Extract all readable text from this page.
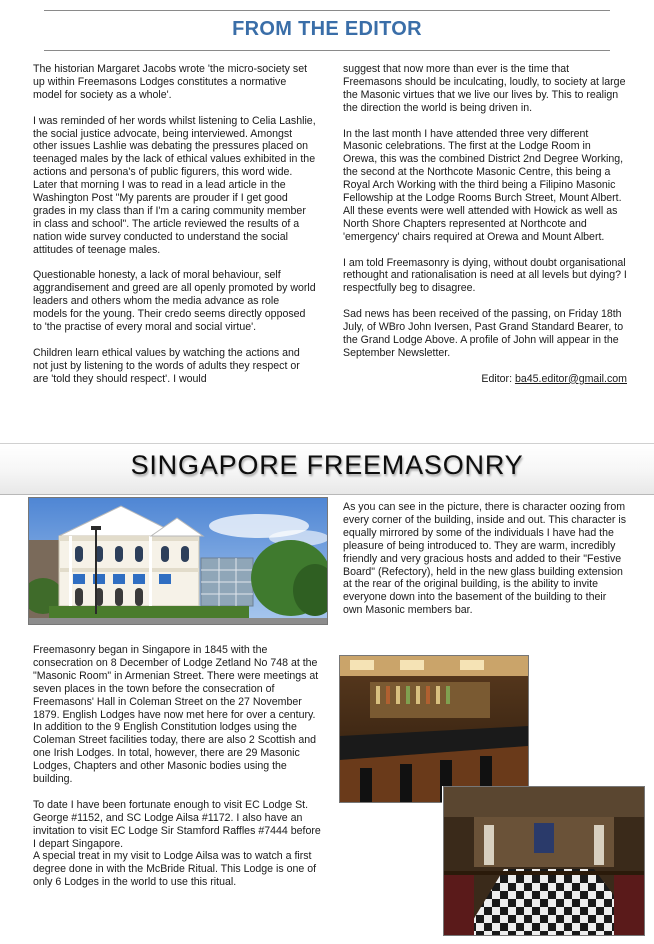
FROM THE EDITOR

The historian Margaret Jacobs wrote 'the micro-society set up within Freemasons Lodges constitutes a normative model for society as a whole'.

I was reminded of her words whilst listening to Celia Lashlie, the social justice advocate, being interviewed. Amongst other issues Lashlie was debating the pressures placed on teenaged males by the lack of ethical values exhibited in the actions and persona's of public figurers, this word wide. Later that morning I was to read in a lead article in the Washington Post "My parents are prouder if I get good grades in my class than if I'm a caring community member in class and school". The article reviewed the results of a nation wide survey conducted to understand the social attitudes of teenage males.

Questionable honesty, a lack of moral behaviour, self aggrandisement and greed are all openly promoted by world leaders and others whom the media advance as role models for the young. Their credo seems directly opposed to 'the practise of every moral and social virtue'.

Children learn ethical values by watching the actions and not just by listening to the words of adults they respect or are 'told they should respect'. I would

suggest that now more than ever is the time that Freemasons should be inculcating, loudly, to society at large the Masonic virtues that we live our lives by. This to realign the direction the world is being driven in.

In the last month I have attended three very different Masonic celebrations. The first at the Lodge Room in Orewa, this was the combined District 2nd Degree Working, the second at the Northcote Masonic Centre, this being a Royal Arch Working with the third being a Filipino Masonic Fellowship at the Lodge Rooms Burch Street, Mount Albert. All these events were well attended with Howick as well as North Shore Chapters represented at Northcote and 'emergency' chairs required at Orewa and Mount Albert.

I am told Freemasonry is dying, without doubt organisational rethought and rationalisation is need at all levels but dying? I respectfully beg to disagree.

Sad news has been received of the passing, on Friday 18th July, of WBro John Iversen, Past Grand Standard Bearer, to the Grand Lodge Above. A profile of John will appear in the September Newsletter.

Editor: ba45.editor@gmail.com

SINGAPORE FREEMASONRY

As you can see in the picture, there is character oozing from every corner of the building, inside and out. This character is equally mirrored by some of the individuals I have had the pleasure of being introduced to. They are warm, incredibly friendly and very gracious hosts and added to their "Festive Board" (Refectory), held in the new glass building extension at the rear of the original building, is the ability to invite everyone down into the basement of the building to their own Masonic members bar.

Freemasonry began in Singapore in 1845 with the consecration on 8 December of Lodge Zetland No 748 at the "Masonic Room" in Armenian Street. There were meetings at seven places in the town before the consecration of Freemasons' Hall in Coleman Street on the 27 November 1879. English Lodges have now met here for over a century. In addition to the 9 English Constitution lodges using the Coleman Street facilities today, there are also 2 Scottish and one Irish Lodges. In total, however, there are 29 Masonic Lodges, Chapters and other Masonic bodies using the building.

To date I have been fortunate enough to visit EC Lodge St. George #1152, and SC Lodge Ailsa #1172. I also have an invitation to visit EC Lodge Sir Stamford Raffles #7444 before I depart Singapore.

A special treat in my visit to Lodge Ailsa was to watch a first degree done in with the McBride Ritual. This Lodge is one of only 6 Lodges in the world to use this ritual.
